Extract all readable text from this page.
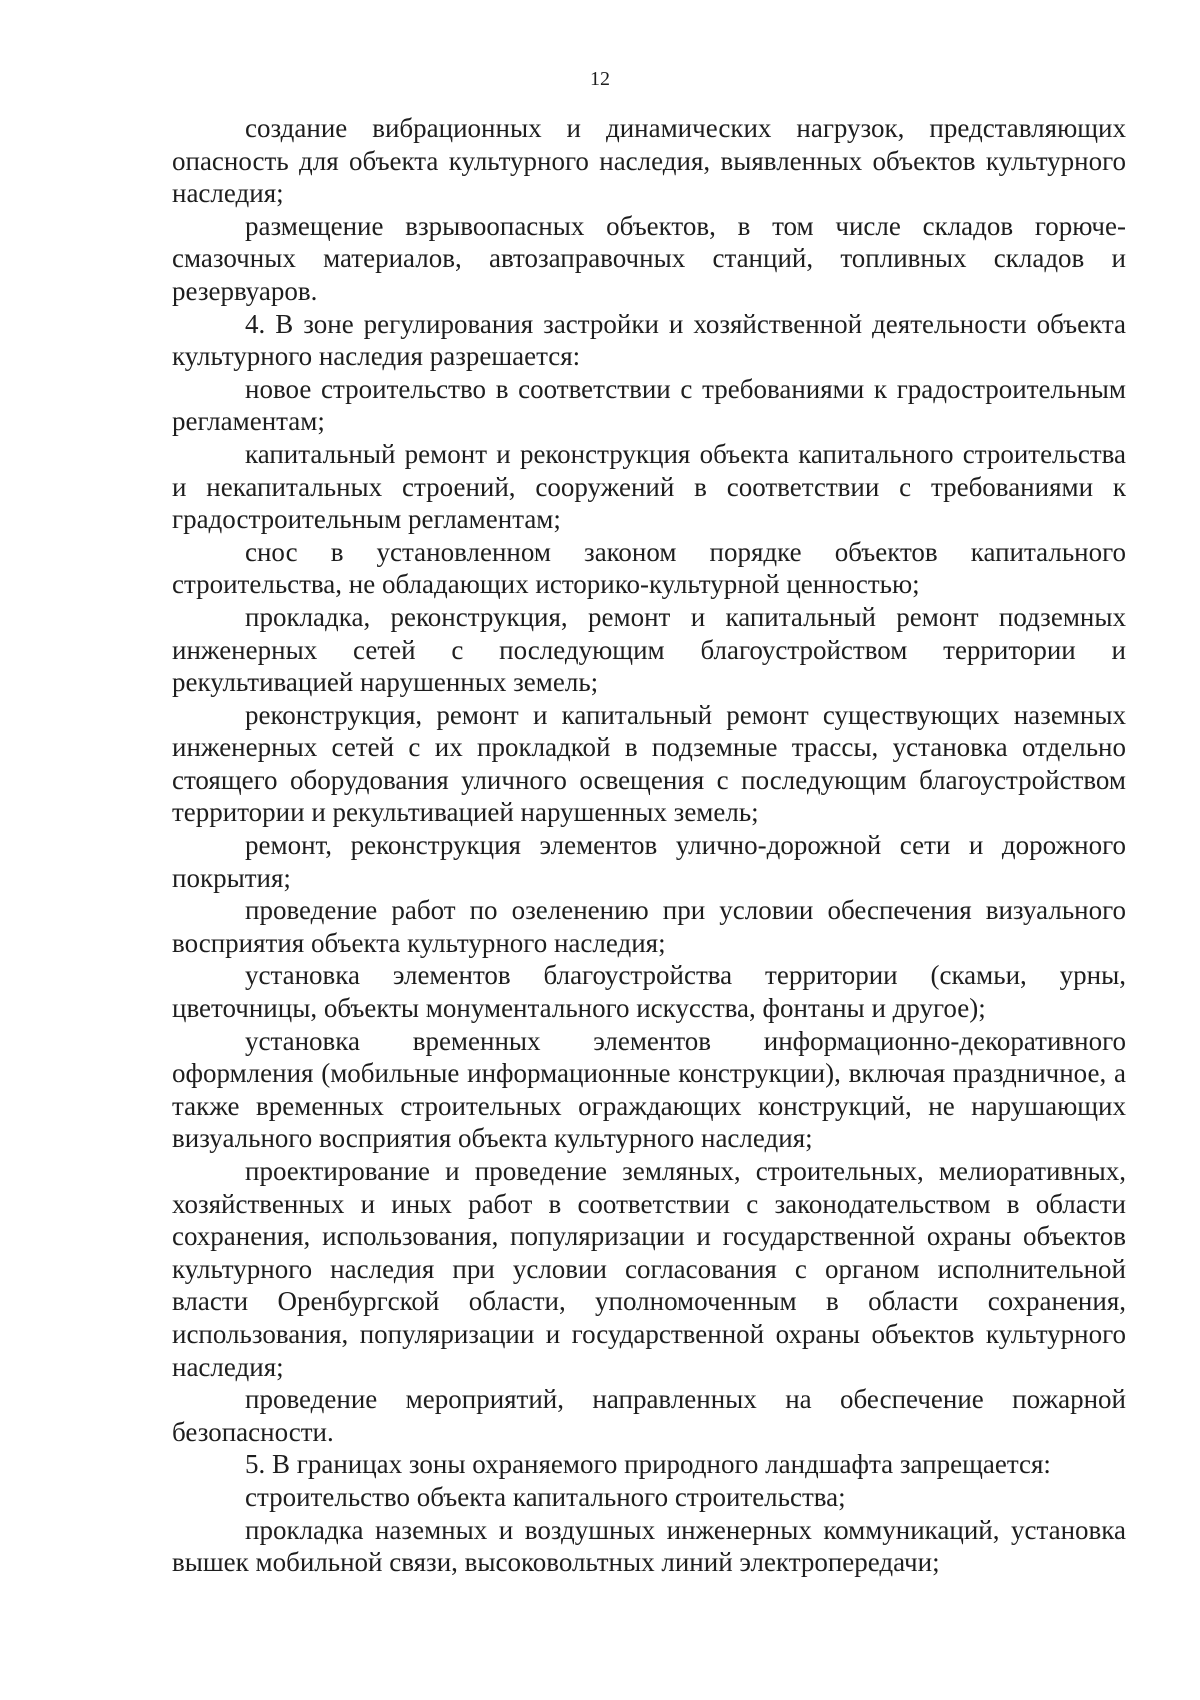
12

создание вибрационных и динамических нагрузок, представляющих опасность для объекта культурного наследия, выявленных объектов культурного наследия;

размещение взрывоопасных объектов, в том числе складов горюче-смазочных материалов, автозаправочных станций, топливных складов и резервуаров.

4. В зоне регулирования застройки и хозяйственной деятельности объекта культурного наследия разрешается:

новое строительство в соответствии с требованиями к градостроительным регламентам;

капитальный ремонт и реконструкция объекта капитального строительства и некапитальных строений, сооружений в соответствии с требованиями к градостроительным регламентам;

снос в установленном законом порядке объектов капитального строительства, не обладающих историко-культурной ценностью;

прокладка, реконструкция, ремонт и капитальный ремонт подземных инженерных сетей с последующим благоустройством территории и рекультивацией нарушенных земель;

реконструкция, ремонт и капитальный ремонт существующих наземных инженерных сетей с их прокладкой в подземные трассы, установка отдельно стоящего оборудования уличного освещения с последующим благоустройством территории и рекультивацией нарушенных земель;

ремонт, реконструкция элементов улично-дорожной сети и дорожного покрытия;

проведение работ по озеленению при условии обеспечения визуального восприятия объекта культурного наследия;

установка элементов благоустройства территории (скамьи, урны, цветочницы, объекты монументального искусства, фонтаны и другое);

установка временных элементов информационно-декоративного оформления (мобильные информационные конструкции), включая праздничное, а также временных строительных ограждающих конструкций, не нарушающих визуального восприятия объекта культурного наследия;

проектирование и проведение земляных, строительных, мелиоративных, хозяйственных и иных работ в соответствии с законодательством в области сохранения, использования, популяризации и государственной охраны объектов культурного наследия при условии согласования с органом исполнительной власти Оренбургской области, уполномоченным в области сохранения, использования, популяризации и государственной охраны объектов культурного наследия;

проведение мероприятий, направленных на обеспечение пожарной безопасности.

5. В границах зоны охраняемого природного ландшафта запрещается:

строительство объекта капитального строительства;

прокладка наземных и воздушных инженерных коммуникаций, установка вышек мобильной связи, высоковольтных линий электропередачи;
